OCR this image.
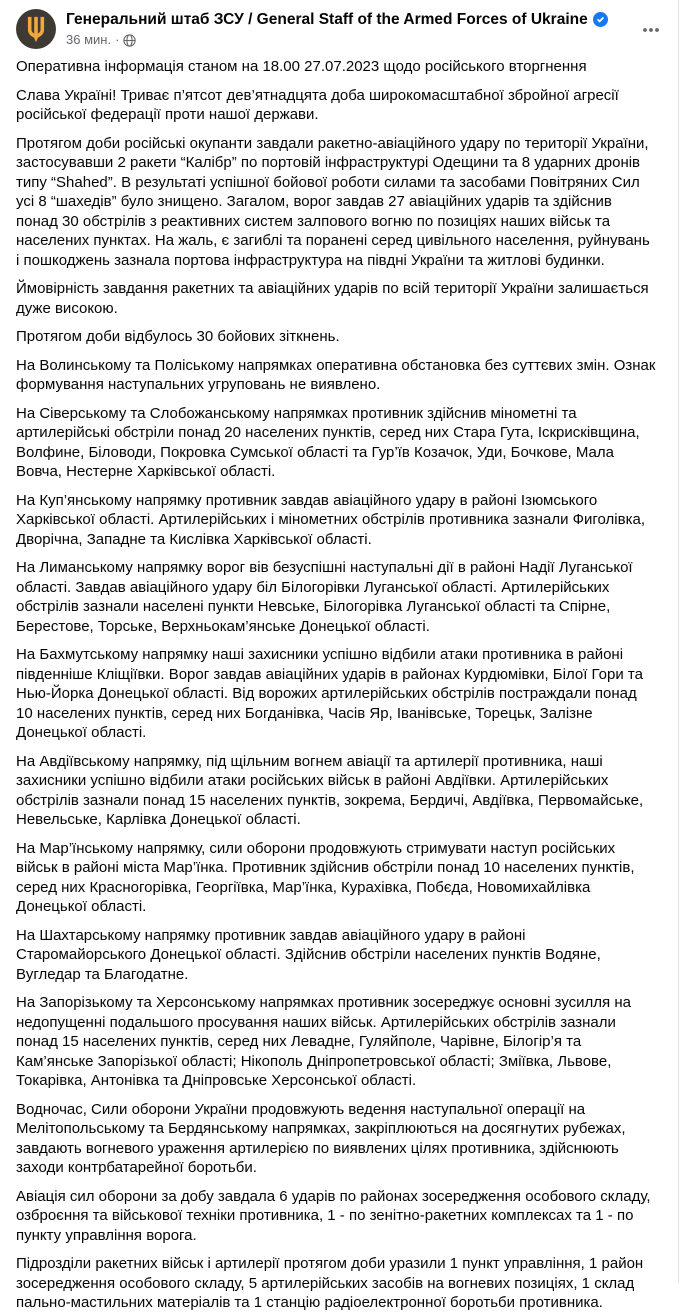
Генеральний штаб ЗСУ / General Staff of the Armed Forces of Ukraine
36 мин. ·

Оперативна інформація станом на 18.00 27.07.2023 щодо російського вторгнення

Слава Україні! Триває п’ятсот дев’ятнадцята доба широкомасштабної збройної агресії російської федерації проти нашої держави.

Протягом доби російські окупанти завдали ракетно-авіаційного удару по території України, застосувавши 2 ракети “Калібр” по портовій інфраструктурі Одещини та 8 ударних дронів типу “Shahed”. В результаті успішної бойової роботи силами та засобами Повітряних Сил усі 8 “шахедів” було знищено. Загалом, ворог завдав 27 авіаційних ударів та здійснив понад 30 обстрілів з реактивних систем залпового вогню по позиціях наших військ та населених пунктах. На жаль, є загиблі та поранені серед цивільного населення, руйнувань і пошкоджень зазнала портова інфраструктура на півдні України та житлові будинки.

Ймовірність завдання ракетних та авіаційних ударів по всій території України залишається дуже високою.

Протягом доби відбулось 30 бойових зіткнень.

На Волинському та Поліському напрямках оперативна обстановка без суттєвих змін. Ознак формування наступальних угруповань не виявлено.

На Сіверському та Слобожанському напрямках противник здійснив мінометні та артилерійські обстріли понад 20 населених пунктів, серед них Стара Гута, Іскрисківщина, Волфине, Біловоди, Покровка Сумської області та Гур’їв Козачок, Уди, Бочкове, Мала Вовча, Нестерне Харківської області.

На Куп’янському напрямку противник завдав авіаційного удару в районі Ізюмського Харківської області. Артилерійських і мінометних обстрілів противника зазнали Фиголівка, Дворічна, Западне та Кислівка Харківської області.

На Лиманському напрямку ворог вів безуспішні наступальні дії в районі Надії Луганської області. Завдав авіаційного удару біл Білогорівки Луганської області. Артилерійських обстрілів зазнали населені пункти Невське, Білогорівка Луганської області та Спірне, Берестове, Торське, Верхньокам’янське Донецької області.

На Бахмутському напрямку наші захисники успішно відбили атаки противника в районі південніше Кліщіївки. Ворог завдав авіаційних ударів в районах Курдюмівки, Білої Гори та Нью-Йорка Донецької області. Від ворожих артилерійських обстрілів постраждали понад 10 населених пунктів, серед них Богданівка, Часів Яр, Іванівське, Торецьк, Залізне Донецької області.

На Авдіївському напрямку, під щільним вогнем авіації та артилерії противника, наші захисники успішно відбили атаки російських військ в районі Авдіївки. Артилерійських обстрілів зазнали понад 15 населених пунктів, зокрема, Бердичі, Авдіївка, Первомайське, Невельське, Карлівка Донецької області.

На Мар’їнському напрямку, сили оборони продовжують стримувати наступ російських військ в районі міста Мар’їнка. Противник здійснив обстріли понад 10 населених пунктів, серед них Красногорівка, Георгіївка, Мар’їнка, Курахівка, Побєда, Новомихайлівка Донецької області.

На Шахтарському напрямку противник завдав авіаційного удару в районі Старомайорського Донецької області. Здійснив обстріли населених пунктів Водяне, Вугледар та Благодатне.

На Запорізькому та Херсонському напрямках противник зосереджує основні зусилля на недопущенні подальшого просування наших військ. Артилерійських обстрілів зазнали понад 15 населених пунктів, серед них Левадне, Гуляйполе, Чарівне, Білогір’я та Кам’янське Запорізької області; Нікополь Дніпропетровської області; Зміївка, Львове, Токарівка, Антонівка та Дніпровське Херсонської області.

Водночас, Сили оборони України продовжують ведення наступальної операції на Мелітопольському та Бердянському напрямках, закріплюються на досягнутих рубежах, завдають вогневого ураження артилерією по виявлених цілях противника, здійснюють заходи контрбатарейної боротьби.

Авіація сил оборони за добу завдала 6 ударів по районах зосередження особового складу, озброєння та військової техніки противника, 1 - по зенітно-ракетних комплексах та 1 - по пункту управління ворога.

Підрозділи ракетних військ і артилерії протягом доби уразили 1 пункт управління, 1 район зосередження особового складу, 5 артилерійських засобів на вогневих позиціях, 1 склад пально-мастильних матеріалів та 1 станцію радіоелектронної боротьби противника.
